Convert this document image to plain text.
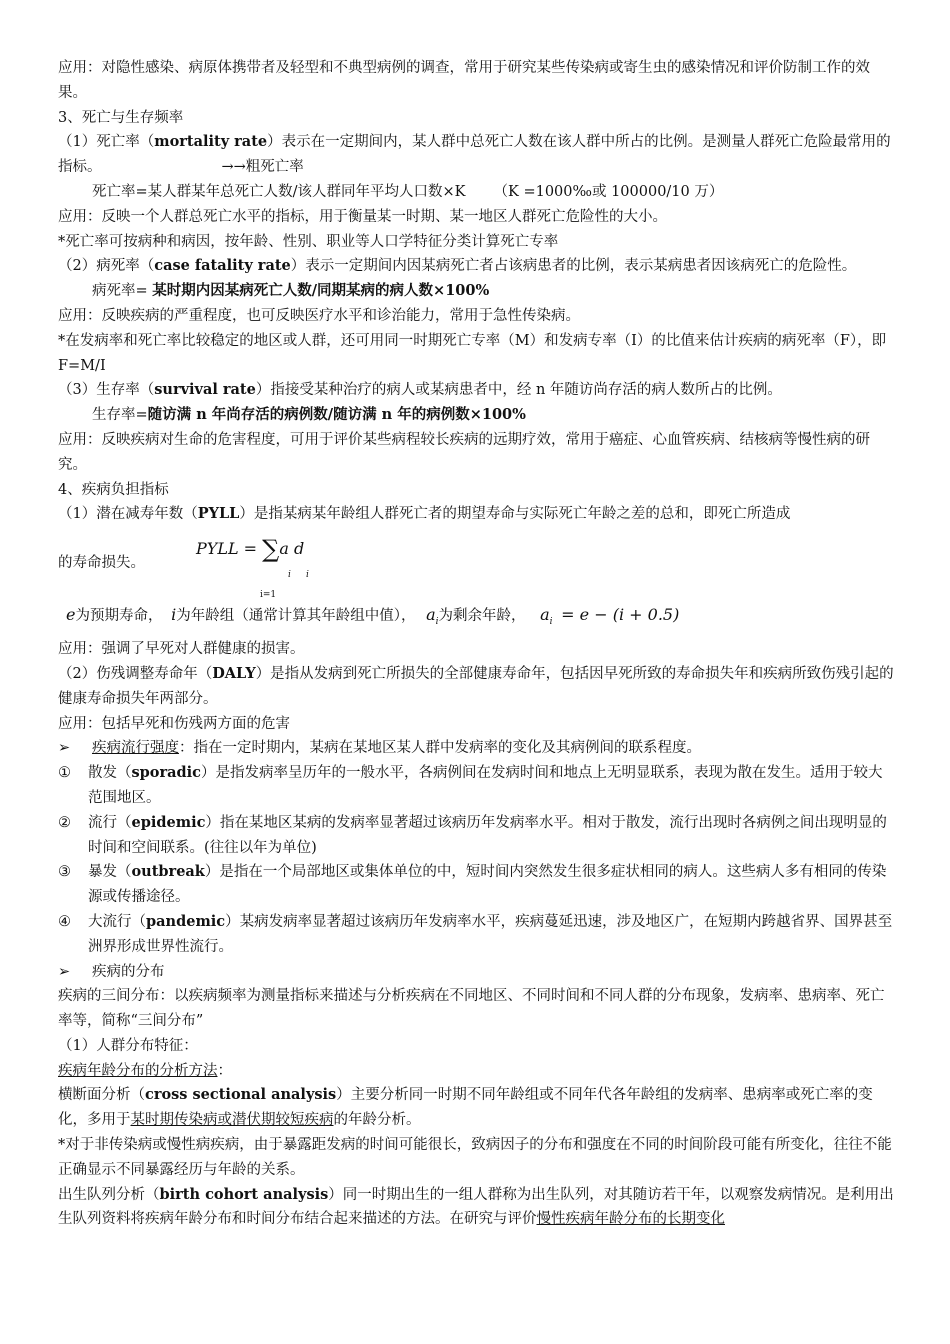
应用：对隐性感染、病原体携带者及轻型和不典型病例的调查，常用于研究某些传染病或寄生虫的感染情况和评价防制工作的效果。

3、死亡与生存频率

（1）死亡率（mortality rate）表示在一定期间内，某人群中总死亡人数在该人群中所占的比例。是测量人群死亡危险最常用的指标。	→→粗死亡率

死亡率=某人群某年总死亡人数/该人群同年平均人口数×K （K =1000‰或 100000/10 万）

应用：反映一个人群总死亡水平的指标，用于衡量某一时期、某一地区人群死亡危险性的大小。

*死亡率可按病种和病因，按年龄、性别、职业等人口学特征分类计算死亡专率

（2）病死率（case fatality rate）表示一定期间内因某病死亡者占该病患者的比例，表示某病患者因该病死亡的危险性。

病死率= 某时期内因某病死亡人数/同期某病的病人数×100%

应用：反映疾病的严重程度，也可反映医疗水平和诊治能力，常用于急性传染病。

*在发病率和死亡率比较稳定的地区或人群，还可用同一时期死亡专率（M）和发病专率（I）的比值来估计疾病的病死率（F），即 F=M/I

（3）生存率（survival rate）指接受某种治疗的病人或某病患者中，经 n 年随访尚存活的病人数所占的比例。

生存率=随访满 n 年尚存活的病例数/随访满 n 年的病例数×100%

应用：反映疾病对生命的危害程度，可用于评价某些病程较长疾病的远期疗效，常用于癌症、心血管疾病、结核病等慢性病的研究。

4、疾病负担指标

（1）潜在减寿年数（PYLL）是指某病某年龄组人群死亡者的期望寿命与实际死亡年龄之差的总和，即死亡所造成

的寿命损失。
PYLL = ∑a d
i i
i=1
e为预期寿命， i为年龄组（通常计算其年龄组中值）， $a_i$为剩余年龄， $a_i = e - (i + 0.5)$

应用：强调了早死对人群健康的损害。

（2）伤残调整寿命年（DALY）是指从发病到死亡所损失的全部健康寿命年，包括因早死所致的寿命损失年和疾病所致伤残引起的健康寿命损失年两部分。

应用：包括早死和伤残两方面的危害

➢ 疾病流行强度：指在一定时期内，某病在某地区某人群中发病率的变化及其病例间的联系程度。
① 散发（sporadic）是指发病率呈历年的一般水平，各病例间在发病时间和地点上无明显联系，表现为散在发生。适用于较大范围地区。
② 流行（epidemic）指在某地区某病的发病率显著超过该病历年发病率水平。相对于散发，流行出现时各病例之间出现明显的时间和空间联系。(往往以年为单位)
③ 暴发（outbreak）是指在一个局部地区或集体单位的中，短时间内突然发生很多症状相同的病人。这些病人多有相同的传染源或传播途径。
④ 大流行（pandemic）某病发病率显著超过该病历年发病率水平，疾病蔓延迅速，涉及地区广，在短期内跨越省界、国界甚至洲界形成世界性流行。
➢ 疾病的分布

疾病的三间分布：以疾病频率为测量指标来描述与分析疾病在不同地区、不同时间和不同人群的分布现象，发病率、患病率、死亡率等，简称“三间分布”

（1）人群分布特征：

疾病年龄分布的分析方法：

横断面分析（cross sectional analysis）主要分析同一时期不同年龄组或不同年代各年龄组的发病率、患病率或死亡率的变化，多用于某时期传染病或潜伏期较短疾病的年龄分析。

*对于非传染病或慢性病疾病，由于暴露距发病的时间可能很长，致病因子的分布和强度在不同的时间阶段可能有所变化，往往不能正确显示不同暴露经历与年龄的关系。

出生队列分析（birth cohort analysis）同一时期出生的一组人群称为出生队列，对其随访若干年，以观察发病情况。是利用出生队列资料将疾病年龄分布和时间分布结合起来描述的方法。在研究与评价慢性疾病年龄分布的长期变化
